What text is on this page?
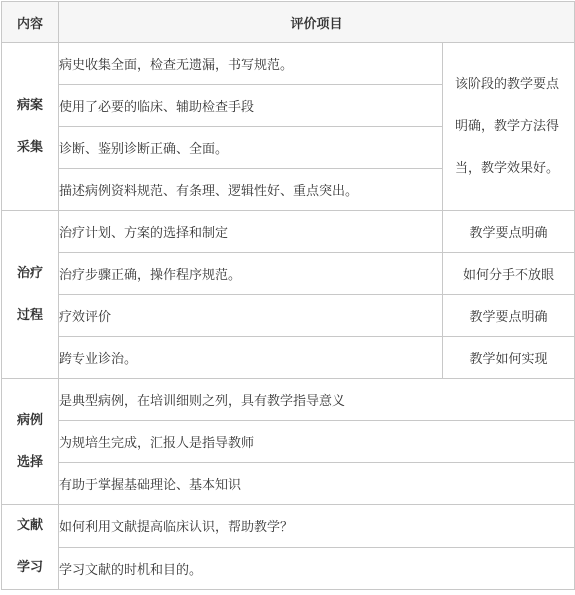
内容	评价项目	

病案
采集	病史收集全面，检查无遗漏，书写规范。	该阶段的教学要点
明确，教学方法得
当，教学效果好。

	使用了必要的临床、辅助检查手段	
	诊断、鉴别诊断正确、全面。	
	描述病例资料规范、有条理、逻辑性好、重点突出。	

治疗
过程	治疗计划、方案的选择和制定	教学要点明确
	治疗步骤正确，操作程序规范。	如何分手不放眼
	疗效评价	教学要点明确
	跨专业诊治。	教学如何实现

病例
选择	是典型病例，在培训细则之列，具有教学指导意义	
	为规培生完成，汇报人是指导教师	
	有助于掌握基础理论、基本知识	

文献
学习	如何利用文献提高临床认识，帮助教学？	
	学习文献的时机和目的。	
